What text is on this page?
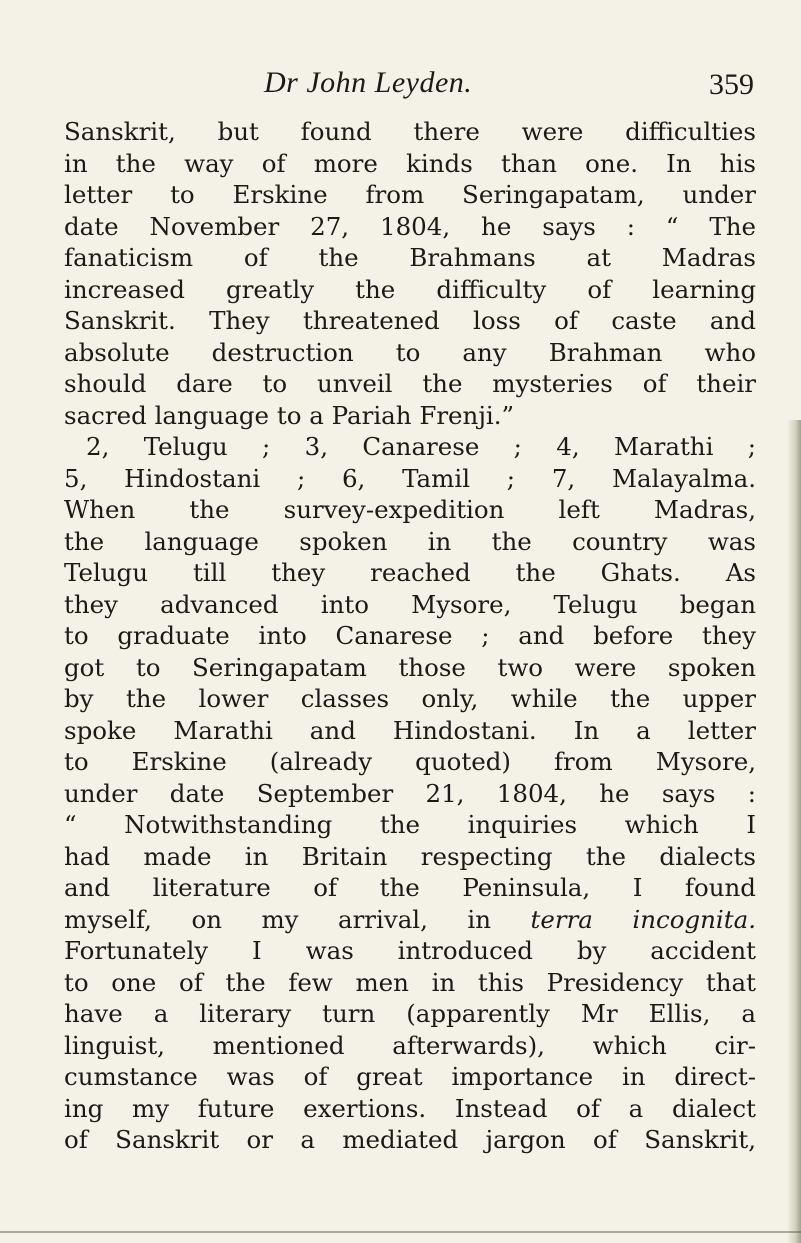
Dr John Leyden.	359
Sanskrit, but found there were difficulties
in the way of more kinds than one. In his
letter to Erskine from Seringapatam, under
date November 27, 1804, he says : “ The
fanaticism of the Brahmans at Madras
increased greatly the difficulty of learning
Sanskrit. They threatened loss of caste and
absolute destruction to any Brahman who
should dare to unveil the mysteries of their
sacred language to a Pariah Frenji.”
2, Telugu ; 3, Canarese ; 4, Marathi ;
5, Hindostani ; 6, Tamil ; 7, Malayalma.
When the survey-expedition left Madras,
the language spoken in the country was
Telugu till they reached the Ghats. As
they advanced into Mysore, Telugu began
to graduate into Canarese ; and before they
got to Seringapatam those two were spoken
by the lower classes only, while the upper
spoke Marathi and Hindostani. In a letter
to Erskine (already quoted) from Mysore,
under date September 21, 1804, he says :
“ Notwithstanding the inquiries which I
had made in Britain respecting the dialects
and literature of the Peninsula, I found
myself, on my arrival, in terra incognita.
Fortunately I was introduced by accident
to one of the few men in this Presidency that
have a literary turn (apparently Mr Ellis, a
linguist, mentioned afterwards), which cir-
cumstance was of great importance in direct-
ing my future exertions. Instead of a dialect
of Sanskrit or a mediated jargon of Sanskrit,
